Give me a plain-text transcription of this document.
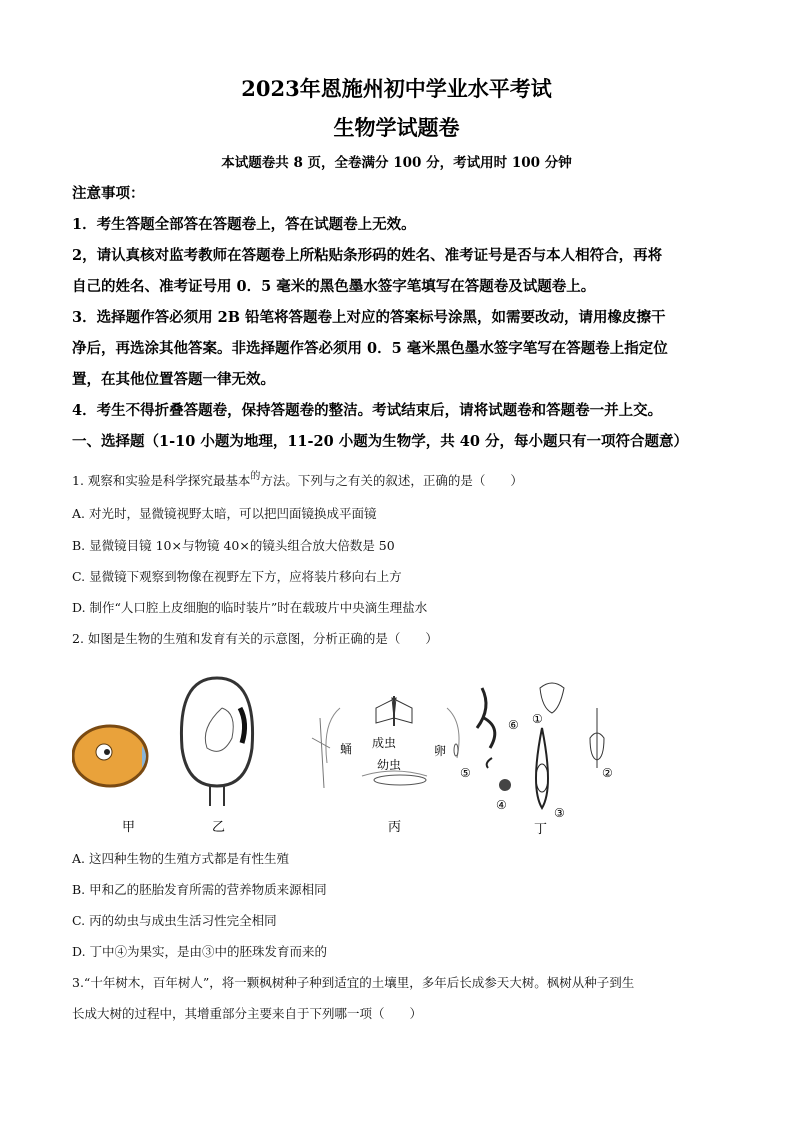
2023年恩施州初中学业水平考试
生物学试题卷
本试题卷共 8 页，全卷满分 100 分，考试用时 100 分钟
注意事项：
1．考生答题全部答在答题卷上，答在试题卷上无效。
2，请认真核对监考教师在答题卷上所粘贴条形码的姓名、准考证号是否与本人相符合，再将
自己的姓名、准考证号用 0．5 毫米的黑色墨水签字笔填写在答题卷及试题卷上。
3．选择题作答必须用 2B 铅笔将答题卷上对应的答案标号涂黑，如需要改动，请用橡皮擦干
净后，再选涂其他答案。非选择题作答必须用 0．5 毫米黑色墨水签字笔写在答题卷上指定位
置，在其他位置答题一律无效。
4．考生不得折叠答题卷，保持答题卷的整洁。考试结束后，请将试题卷和答题卷一并上交。
一、选择题（1-10 小题为地理，11-20 小题为生物学，共 40 分，每小题只有一项符合题意）
1. 观察和实验是科学探究最基本$^的$方法。下列与之有关的叙述，正确的是（　　）
A. 对光时，显微镜视野太暗，可以把凹面镜换成平面镜
B. 显微镜目镜 10×与物镜 40×的镜头组合放大倍数是 50
C. 显微镜下观察到物像在视野左下方，应将装片移向右上方
D. 制作“人口腔上皮细胞的临时装片”时在载玻片中央滴生理盐水
2. 如图是生物的生殖和发育有关的示意图，分析正确的是（　　）
蛹 成虫
卵
幼虫
①
②
③
④
⑤
⑥
甲	乙	丙	丁
A. 这四种生物的生殖方式都是有性生殖
B. 甲和乙的胚胎发育所需的营养物质来源相同
C. 丙的幼虫与成虫生活习性完全相同
D. 丁中④为果实，是由③中的胚珠发育而来的
3.“十年树木，百年树人”，将一颗枫树种子种到适宜的土壤里，多年后长成参天大树。枫树从种子到生
长成大树的过程中，其增重部分主要来自于下列哪一项（　　）
